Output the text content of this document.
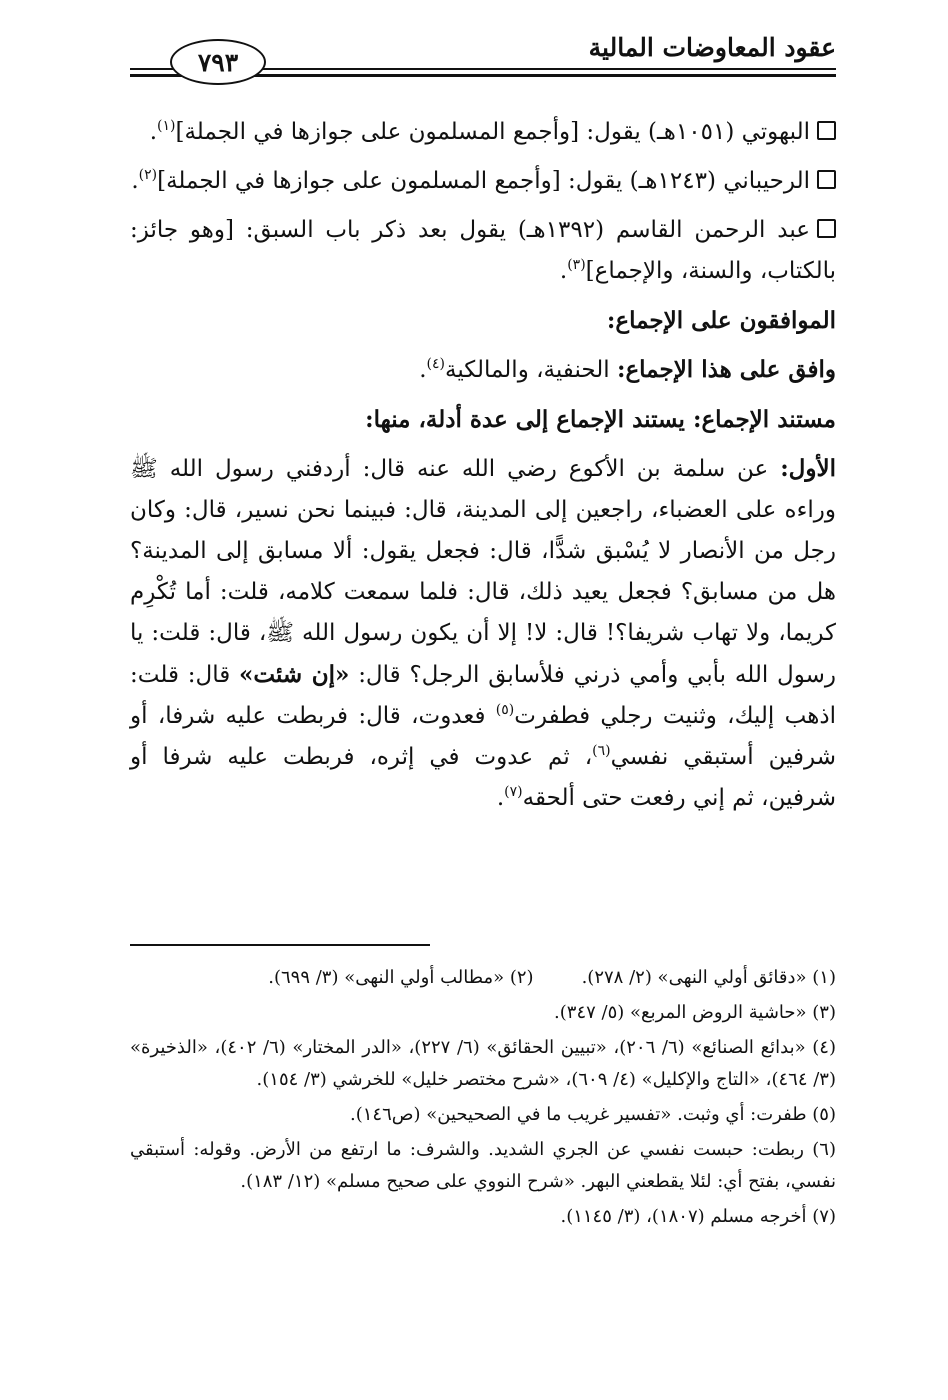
عقود المعاوضات المالية
٧٩٣

البهوتي (١٠٥١هـ) يقول: [وأجمع المسلمون على جوازها في الجملة]$^{(١)}$.

الرحيباني (١٢٤٣هـ) يقول: [وأجمع المسلمون على جوازها في الجملة]$^{(٢)}$.

عبد الرحمن القاسم (١٣٩٢هـ) يقول بعد ذكر باب السبق: [وهو جائز: بالكتاب، والسنة، والإجماع]$^{(٣)}$.

الموافقون على الإجماع:

وافق على هذا الإجماع: الحنفية، والمالكية$^{(٤)}$.

مستند الإجماع: يستند الإجماع إلى عدة أدلة، منها:

الأول: عن سلمة بن الأكوع رضي الله عنه قال: أردفني رسول الله ﷺ وراءه على العضباء، راجعين إلى المدينة، قال: فبينما نحن نسير، قال: وكان رجل من الأنصار لا يُسْبق شدًّا، قال: فجعل يقول: ألا مسابق إلى المدينة؟ هل من مسابق؟ فجعل يعيد ذلك، قال: فلما سمعت كلامه، قلت: أما تُكْرِم كريما، ولا تهاب شريفا؟! قال: لا! إلا أن يكون رسول الله ﷺ، قال: قلت: يا رسول الله بأبي وأمي ذرني فلأسابق الرجل؟ قال: «إن شئت» قال: قلت: اذهب إليك، وثنيت رجلي فطفرت$^{(٥)}$ فعدوت، قال: فربطت عليه شرفا، أو شرفين أستبقي نفسي$^{(٦)}$، ثم عدوت في إثره، فربطت عليه شرفا أو شرفين، ثم إني رفعت حتى ألحقه$^{(٧)}$.

(١) «دقائق أولي النهى» (٢/ ٢٧٨).
(٢) «مطالب أولي النهى» (٣/ ٦٩٩).

(٣) «حاشية الروض المربع» (٥/ ٣٤٧).

(٤) «بدائع الصنائع» (٦/ ٢٠٦)، «تبيين الحقائق» (٦/ ٢٢٧)، «الدر المختار» (٦/ ٤٠٢)، «الذخيرة» (٣/ ٤٦٤)، «التاج والإكليل» (٤/ ٦٠٩)، «شرح مختصر خليل» للخرشي (٣/ ١٥٤).

(٥) طفرت: أي وثبت. «تفسير غريب ما في الصحيحين» (ص١٤٦).

(٦) ربطت: حبست نفسي عن الجري الشديد. والشرف: ما ارتفع من الأرض. وقوله: أستبقي نفسي، بفتح أي: لئلا يقطعني البهر. «شرح النووي على صحيح مسلم» (١٢/ ١٨٣).

(٧) أخرجه مسلم (١٨٠٧)، (٣/ ١١٤٥).
